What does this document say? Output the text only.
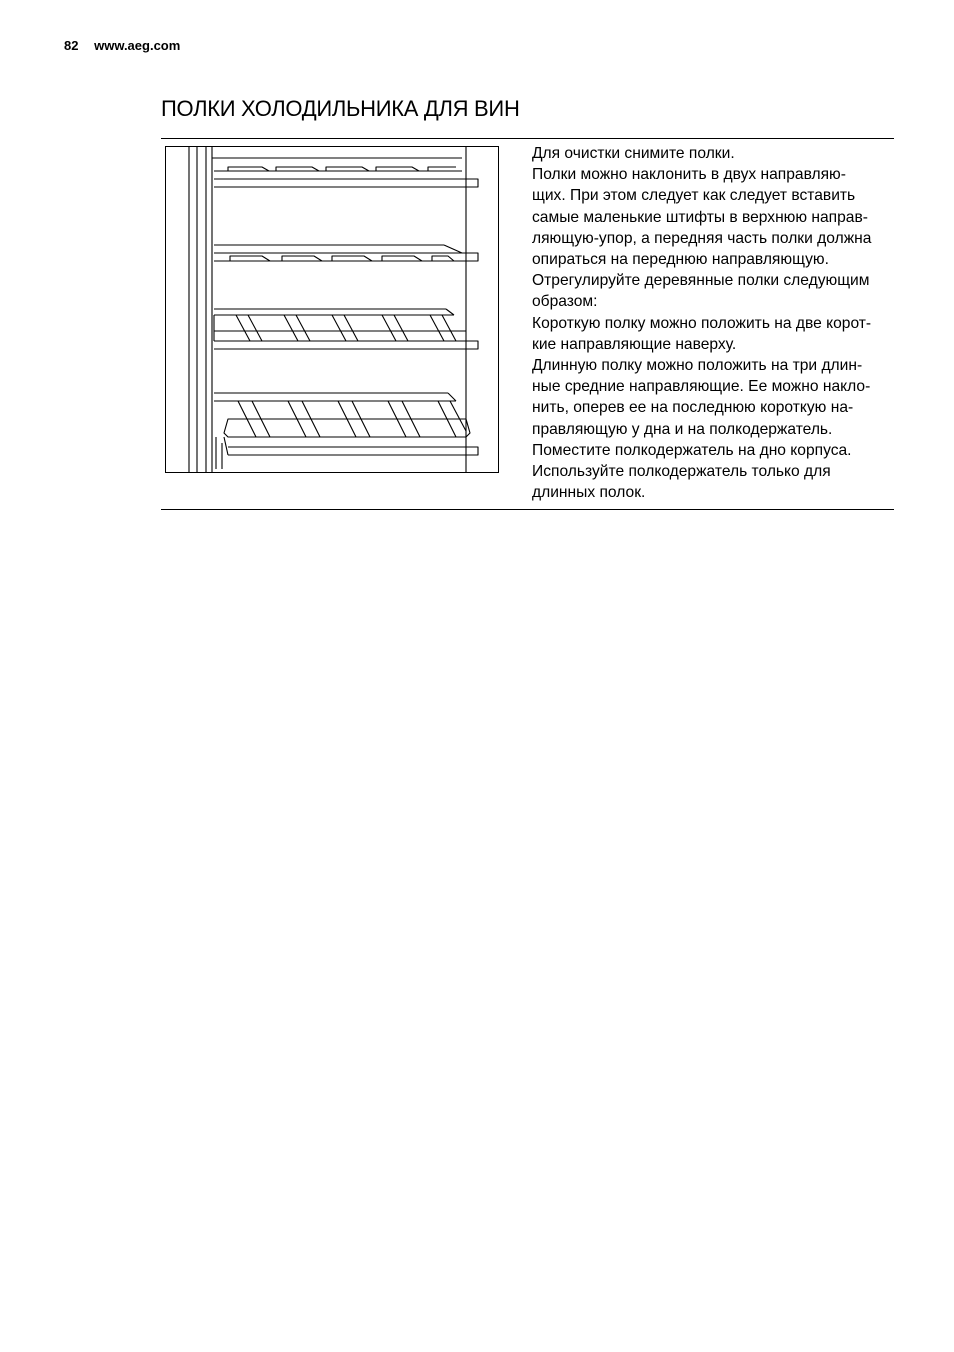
82 www.aeg.com
ПОЛКИ ХОЛОДИЛЬНИКА ДЛЯ ВИН
Для очистки снимите полки.
Полки можно наклонить в двух направляю-
щих. При этом следует как следует вставить
самые маленькие штифты в верхнюю направ-
ляющую-упор, а передняя часть полки должна
опираться на переднюю направляющую.
Отрегулируйте деревянные полки следующим
образом:
Короткую полку можно положить на две корот-
кие направляющие наверху.
Длинную полку можно положить на три длин-
ные средние направляющие. Ее можно накло-
нить, оперев ее на последнюю короткую на-
правляющую у дна и на полкодержатель.
Поместите полкодержатель на дно корпуса.
Используйте полкодержатель только для
длинных полок.
